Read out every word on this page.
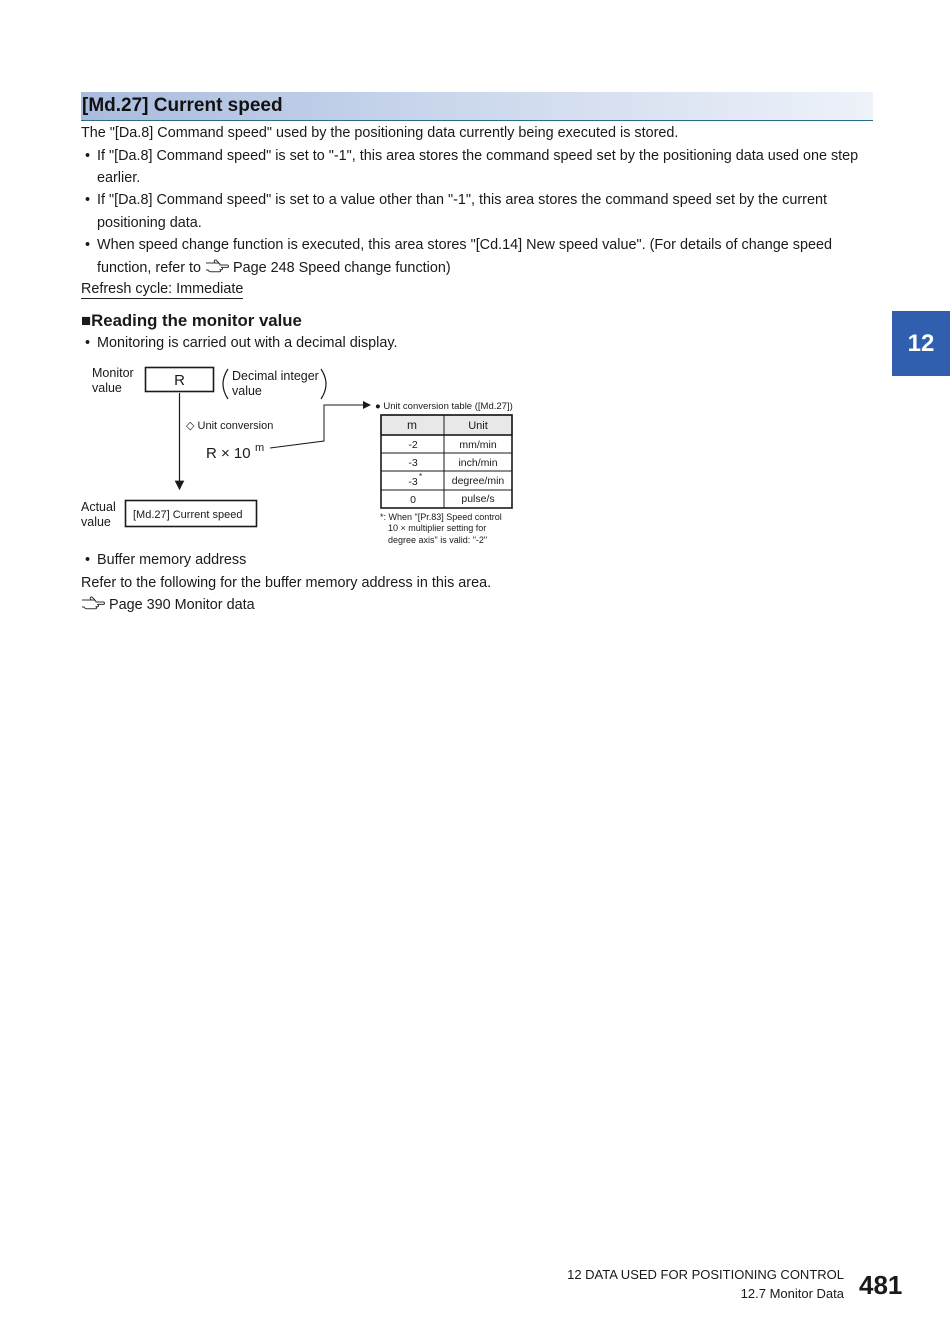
[Md.27] Current speed
The "[Da.8] Command speed" used by the positioning data currently being executed is stored.
• If "[Da.8] Command speed" is set to "-1", this area stores the command speed set by the positioning data used one step
earlier.
• If "[Da.8] Command speed" is set to a value other than "-1", this area stores the command speed set by the current
positioning data.
• When speed change function is executed, this area stores "[Cd.14] New speed value". (For details of change speed
function, refer to Page 248 Speed change function)
Refresh cycle: Immediate
■Reading the monitor value
• Monitoring is carried out with a decimal display.	12
Monitor
value	R	Decimal integer
value
◇ Unit conversion
R × 10 m
● Unit conversion table ([Md.27])
m	Unit
-2	mm/min
-3	inch/min
-3 *	degree/min
0	pulse/s
*: When "[Pr.83] Speed control
10 × multiplier setting for
degree axis" is valid: "-2"
Actual
value [Md.27] Current speed
• Buffer memory address
Refer to the following for the buffer memory address in this area.
Page 390 Monitor data
12 DATA USED FOR POSITIONING CONTROL
12.7 Monitor Data 481
